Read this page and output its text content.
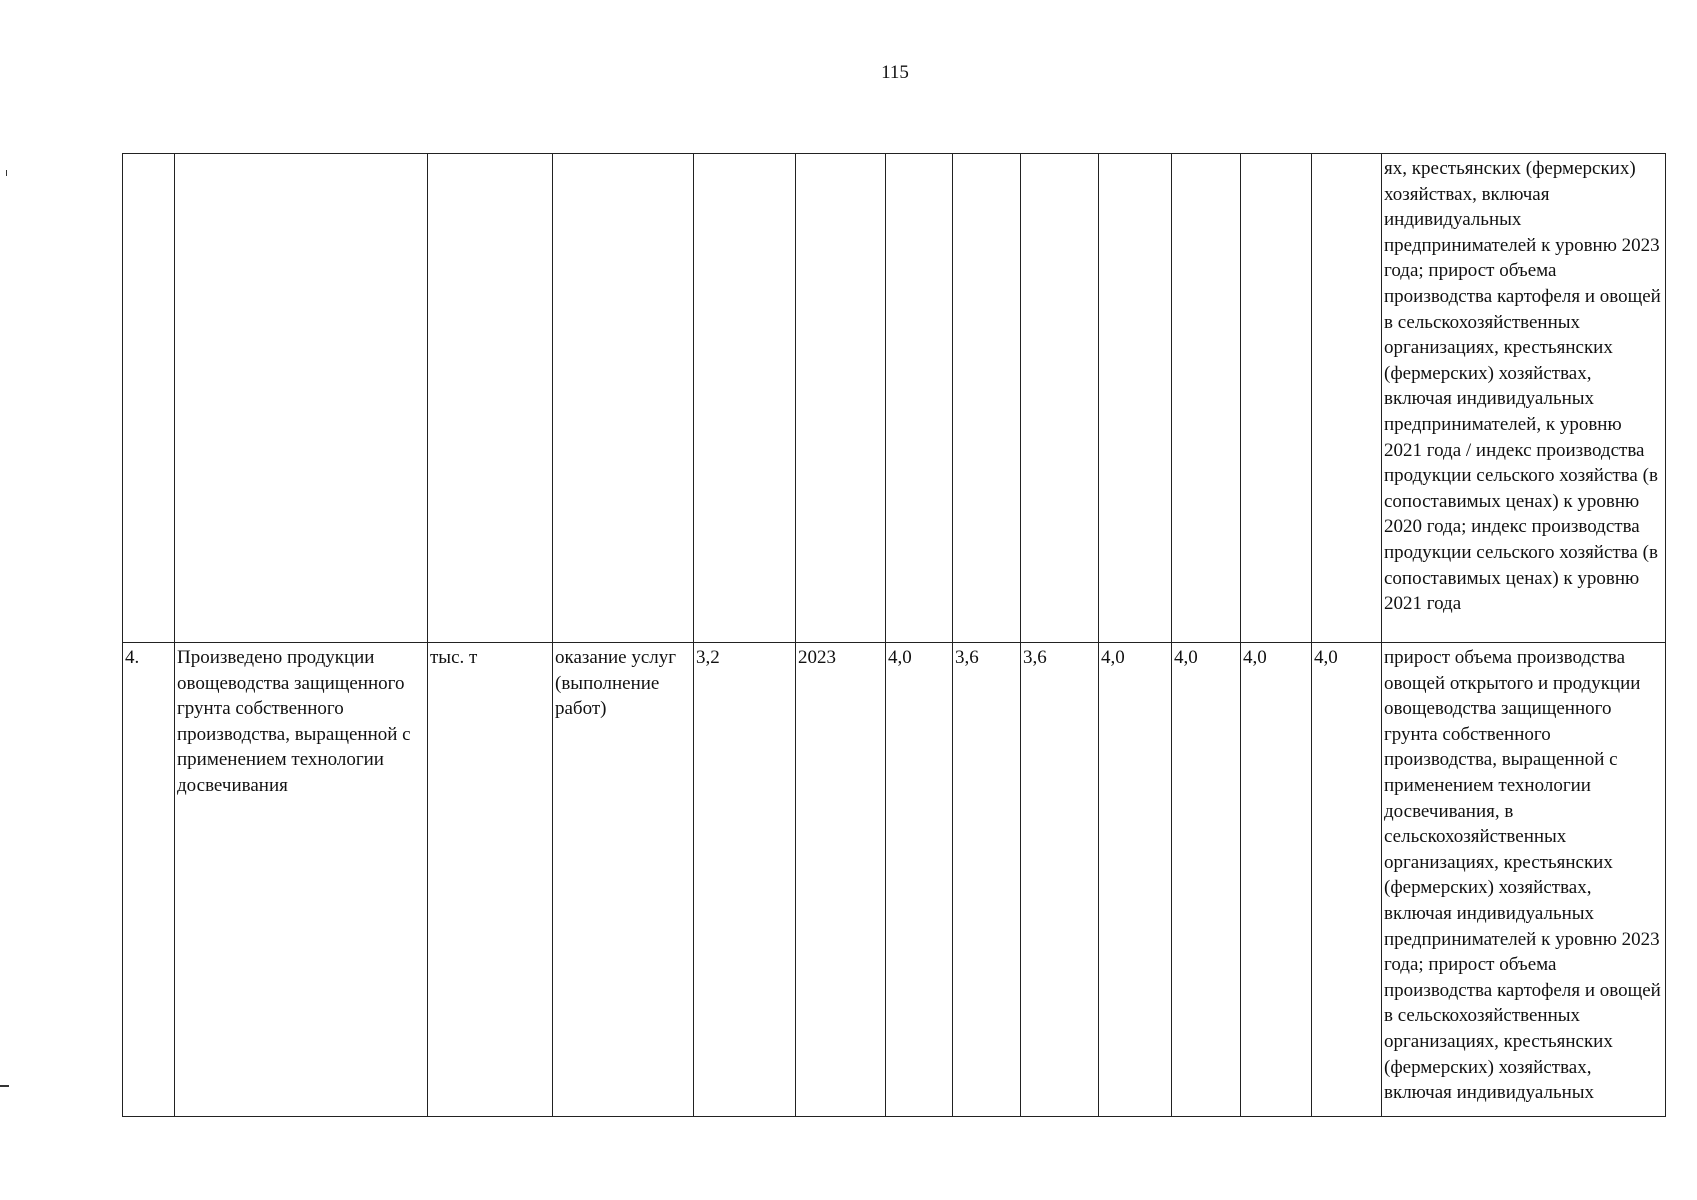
115
													ях, крестьянских (фермерских) хозяйствах, включая индивидуальных предпринимателей к уровню 2023 года; прирост объема производства картофеля и овощей в сельскохозяйственных организациях, крестьянских (фермерских) хозяйствах, включая индивидуальных предпринимателей, к уровню 2021 года / индекс производства продукции сельского хозяйства (в сопоставимых ценах) к уровню 2020 года; индекс производства продукции сельского хозяйства (в сопоставимых ценах) к уровню 2021 года
4.	Произведено продукции овощеводства защищенного грунта собственного производства, выращенной с применением технологии досвечивания	тыс. т	оказание услуг (выполнение работ)	3,2	2023	4,0	3,6	3,6	4,0	4,0	4,0	4,0	прирост объема производства овощей открытого и продукции овощеводства защищенного грунта собственного производства, выращенной с применением технологии досвечивания, в сельскохозяйственных организациях, крестьянских (фермерских) хозяйствах, включая индивидуальных предпринимателей к уровню 2023 года; прирост объема производства картофеля и овощей в сельскохозяйственных организациях, крестьянских (фермерских) хозяйствах, включая индивидуальных
